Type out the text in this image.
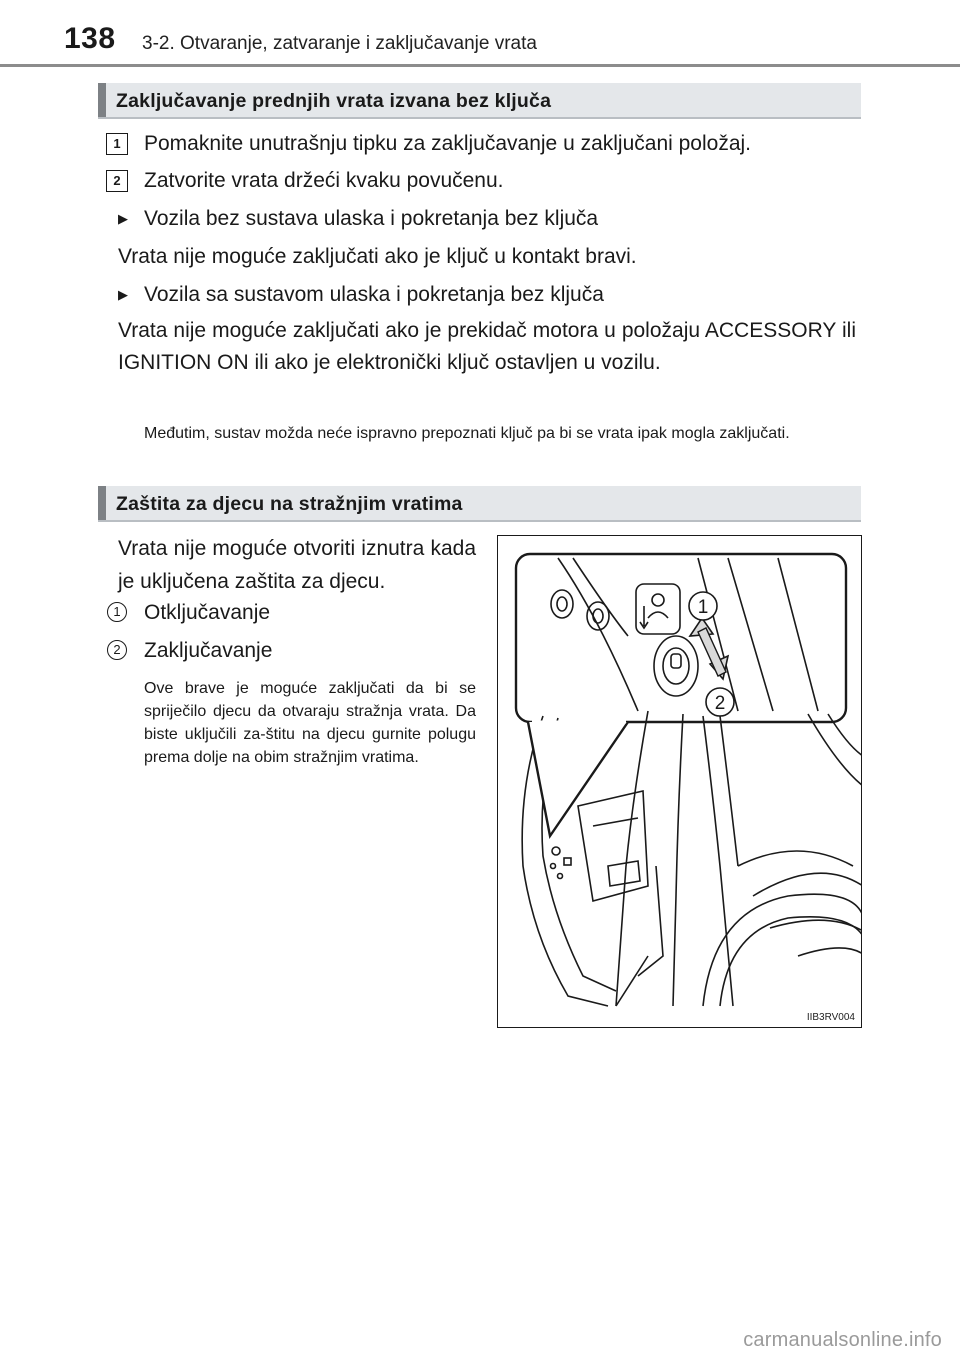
138 3-2. Otvaranje, zatvaranje i zaključavanje vrata
Zaključavanje prednjih vrata izvana bez ključa
1	Pomaknite unutrašnju tipku za zaključavanje u zaključani položaj.
2	Zatvorite vrata držeći kvaku povučenu.
▶ Vozila bez sustava ulaska i pokretanja bez ključa
Vrata nije moguće zaključati ako je ključ u kontakt bravi.
▶ Vozila sa sustavom ulaska i pokretanja bez ključa
Vrata nije moguće zaključati ako je prekidač motora u položaju ACCESSORY ili IGNITION ON ili ako je elektronički ključ ostavljen u vozilu.
Međutim, sustav možda neće ispravno prepoznati ključ pa bi se vrata ipak mogla zaključati.
Zaštita za djecu na stražnjim vratima
Vrata nije moguće otvoriti iznutra kada je uključena zaštita za djecu.
1	Otključavanje
2	Zaključavanje
Ove brave je moguće zaključati da bi se spriječilo djecu da otvaraju stražnja vrata. Da biste uključili za-štitu na djecu gurnite polugu prema dolje na obim stražnjim vratima.
1
2
IIB3RV004
carmanualsonline.info
